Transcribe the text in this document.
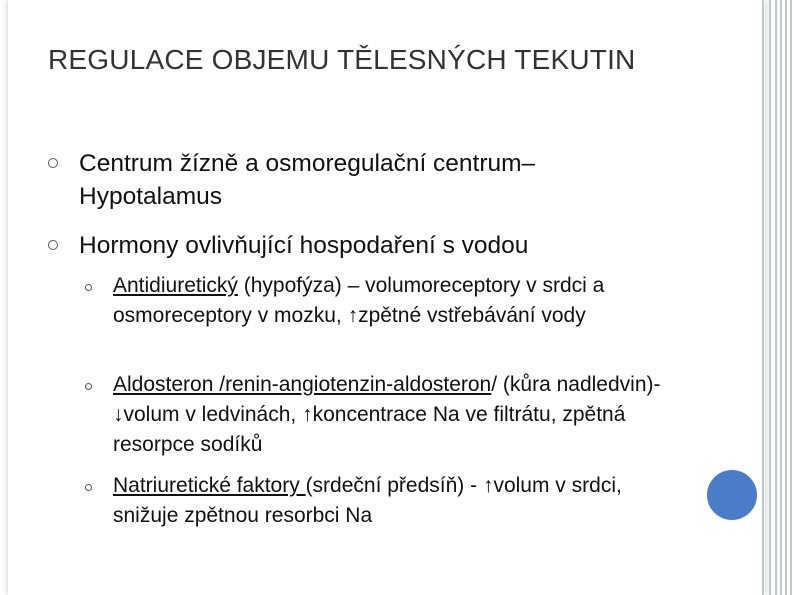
REGULACE OBJEMU TĚLESNÝCH TEKUTIN
Centrum žízně a osmoregulační centrum– Hypotalamus
Hormony ovlivňující hospodaření s vodou
Antidiuretický (hypofýza) – volumoreceptory v srdci a osmoreceptory v mozku, ↑zpětné vstřebávání vody
Aldosteron /renin-angiotenzin-aldosteron/ (kůra nadledvin)-↓volum v ledvinách, ↑koncentrace Na ve filtrátu, zpětná resorpce sodíků
Natriuretické faktory (srdeční předsíň) - ↑volum v srdci, snižuje zpětnou resorbci Na
